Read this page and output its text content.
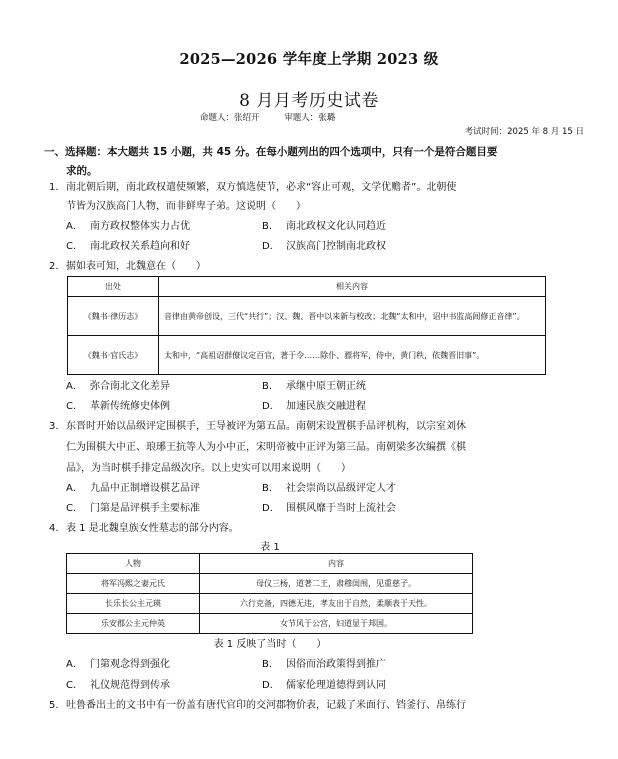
2025—2026 学年度上学期 2023 级
8 月月考历史试卷
命题人：张绍开	审题人：张璐
考试时间：2025 年 8 月 15 日
一、选择题：本大题共 15 小题，共 45 分。在每小题列出的四个选项中，只有一个是符合题目要
求的。
1. 南北朝后期，南北政权遣使频繁，双方慎选使节，必求“容止可观，文学优赡者”。北朝使
节皆为汉族高门人物，而非鲜卑子弟。这说明（　　）
A． 南方政权整体实力占优	B． 南北政权文化认同趋近
C． 南北政权关系趋向和好	D． 汉族高门控制南北政权
2. 据如表可知，北魏意在（　　）
出处	相关内容
《魏书·律历志》	音律由黄帝创设，三代“共行”；汉、魏、晋中以来新与校改；北魏“太和中，诏中书监高闾修正音律”。
《魏书·官氏志》	太和中，“高祖诏群僚议定百官，著于令……除仆、骠将军，侍中，黄门秩，依魏晋旧事”。
A． 弥合南北文化差异	B． 承继中原王朝正统
C． 革新传统修史体例	D． 加速民族交融进程
3. 东晋时开始以品级评定围棋手，王导被评为第五品。南朝宋设置棋手品评机构，以宗室刘休
仁为围棋大中正、琅琊王抗等人为小中正，宋明帝被中正评为第三品。南朝梁多次编撰《棋
品》，为当时棋手排定品级次序。以上史实可以用来说明（　　）
A． 九品中正制增设棋艺品评	B． 社会崇尚以品级评定人才
C． 门第是品评棋手主要标准	D． 围棋风靡于当时上流社会
4. 表 1 是北魏皇族女性墓志的部分内容。
表 1
人物	内容
将军冯熙之妻元氏	母仪三杨，道著二王，肃穆闺闱，见重慈子。
长乐长公主元瑛	六行克备，四德无违，孝友出于自然，柔顺表于天性。
乐安郡公主元仲英	女节风于公宫，妇道显于邦国。
表 1 反映了当时（　　）
A． 门第观念得到强化	B． 因俗而治政策得到推广
C． 礼仪规范得到传承	D． 儒家伦理道德得到认同
5. 吐鲁番出土的文书中有一份盖有唐代官印的交河郡物价表，记载了米面行、铛釜行、帛练行
